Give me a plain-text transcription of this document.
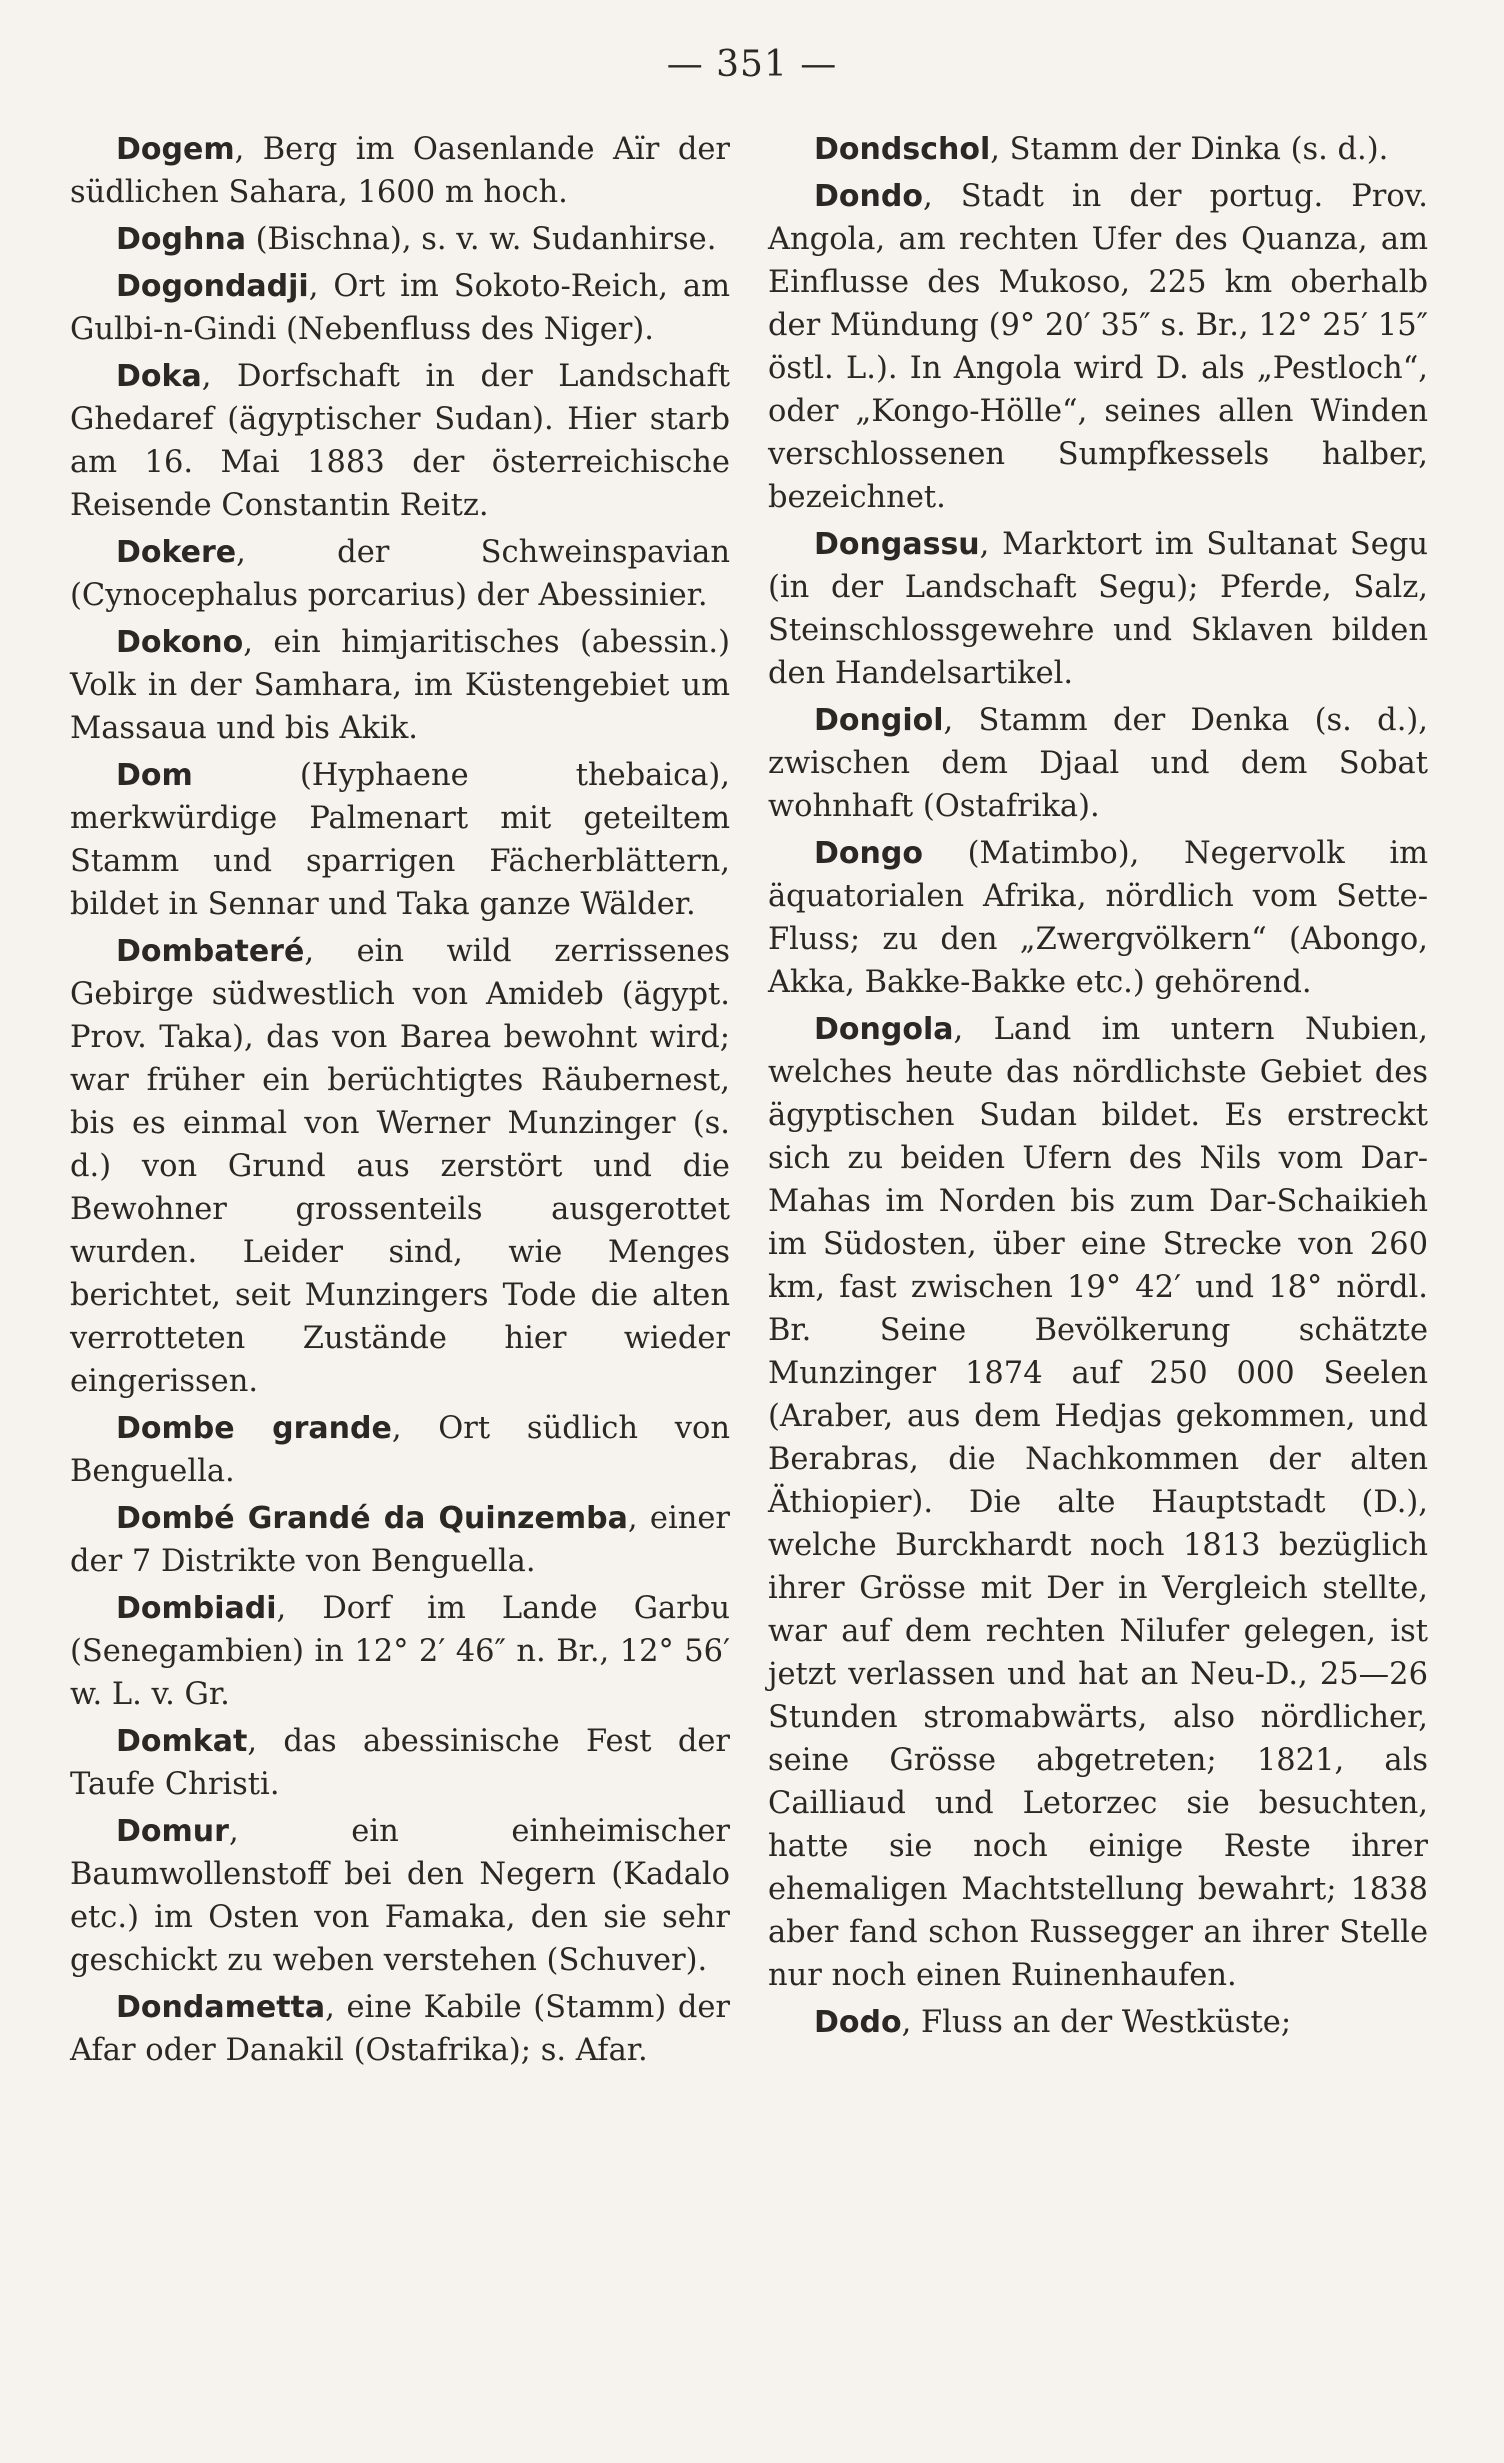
— 351 —

Dogem, Berg im Oasenlande Aïr der südlichen Sahara, 1600 m hoch.

Doghna (Bischna), s. v. w. Sudanhirse.

Dogondadji, Ort im Sokoto-Reich, am Gulbi-n-Gindi (Nebenfluss des Niger).

Doka, Dorfschaft in der Landschaft Ghedaref (ägyptischer Sudan). Hier starb am 16. Mai 1883 der österreichische Reisende Constantin Reitz.

Dokere, der Schweinspavian (Cynocephalus porcarius) der Abessinier.

Dokono, ein himjaritisches (abessin.) Volk in der Samhara, im Küstengebiet um Massaua und bis Akik.

Dom (Hyphaene thebaica), merkwürdige Palmenart mit geteiltem Stamm und sparrigen Fächerblättern, bildet in Sennar und Taka ganze Wälder.

Dombateré, ein wild zerrissenes Gebirge südwestlich von Amideb (ägypt. Prov. Taka), das von Barea bewohnt wird; war früher ein berüchtigtes Räubernest, bis es einmal von Werner Munzinger (s. d.) von Grund aus zerstört und die Bewohner grossenteils ausgerottet wurden. Leider sind, wie Menges berichtet, seit Munzingers Tode die alten verrotteten Zustände hier wieder eingerissen.

Dombe grande, Ort südlich von Benguella.

Dombé Grandé da Quinzemba, einer der 7 Distrikte von Benguella.

Dombiadi, Dorf im Lande Garbu (Senegambien) in 12° 2′ 46″ n. Br., 12° 56′ w. L. v. Gr.

Domkat, das abessinische Fest der Taufe Christi.

Domur, ein einheimischer Baumwollenstoff bei den Negern (Kadalo etc.) im Osten von Famaka, den sie sehr geschickt zu weben verstehen (Schuver).

Dondametta, eine Kabile (Stamm) der Afar oder Danakil (Ostafrika); s. Afar.

Dondschol, Stamm der Dinka (s. d.).

Dondo, Stadt in der portug. Prov. Angola, am rechten Ufer des Quanza, am Einflusse des Mukoso, 225 km oberhalb der Mündung (9° 20′ 35″ s. Br., 12° 25′ 15″ östl. L.). In Angola wird D. als „Pestloch“, oder „Kongo-Hölle“, seines allen Winden verschlossenen Sumpfkessels halber, bezeichnet.

Dongassu, Marktort im Sultanat Segu (in der Landschaft Segu); Pferde, Salz, Steinschlossgewehre und Sklaven bilden den Handelsartikel.

Dongiol, Stamm der Denka (s. d.), zwischen dem Djaal und dem Sobat wohnhaft (Ostafrika).

Dongo (Matimbo), Negervolk im äquatorialen Afrika, nördlich vom Sette-Fluss; zu den „Zwergvölkern“ (Abongo, Akka, Bakke-Bakke etc.) gehörend.

Dongola, Land im untern Nubien, welches heute das nördlichste Gebiet des ägyptischen Sudan bildet. Es erstreckt sich zu beiden Ufern des Nils vom Dar-Mahas im Norden bis zum Dar-Schaikieh im Südosten, über eine Strecke von 260 km, fast zwischen 19° 42′ und 18° nördl. Br. Seine Bevölkerung schätzte Munzinger 1874 auf 250 000 Seelen (Araber, aus dem Hedjas gekommen, und Berabras, die Nachkommen der alten Äthiopier). Die alte Hauptstadt (D.), welche Burckhardt noch 1813 bezüglich ihrer Grösse mit Der in Vergleich stellte, war auf dem rechten Nilufer gelegen, ist jetzt verlassen und hat an Neu-D., 25—26 Stunden stromabwärts, also nördlicher, seine Grösse abgetreten; 1821, als Cailliaud und Letorzec sie besuchten, hatte sie noch einige Reste ihrer ehemaligen Machtstellung bewahrt; 1838 aber fand schon Russegger an ihrer Stelle nur noch einen Ruinenhaufen.

Dodo, Fluss an der Westküste;
